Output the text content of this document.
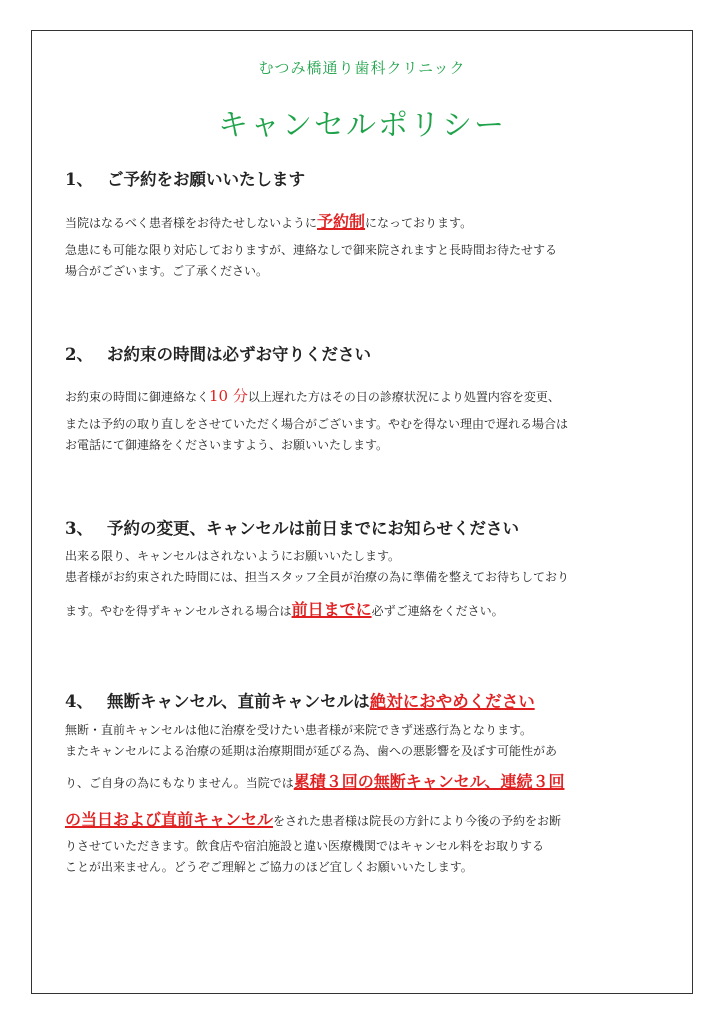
むつみ橋通り歯科クリニック
キャンセルポリシー

1、 ご予約をお願いいたします

当院はなるべく患者様をお待たせしないように予約制になっております。

急患にも可能な限り対応しておりますが、連絡なしで御来院されますと長時間お待たせする

場合がございます。ご了承ください。

2、 お約束の時間は必ずお守りください

お約束の時間に御連絡なく10 分以上遅れた方はその日の診療状況により処置内容を変更、

または予約の取り直しをさせていただく場合がございます。やむを得ない理由で遅れる場合は

お電話にて御連絡をくださいますよう、お願いいたします。

3、 予約の変更、キャンセルは前日までにお知らせください

出来る限り、キャンセルはされないようにお願いいたします。

患者様がお約束された時間には、担当スタッフ全員が治療の為に準備を整えてお待ちしており

ます。やむを得ずキャンセルされる場合は前日までに必ずご連絡をください。

4、 無断キャンセル、直前キャンセルは絶対におやめください

無断・直前キャンセルは他に治療を受けたい患者様が来院できず迷惑行為となります。

またキャンセルによる治療の延期は治療期間が延びる為、歯への悪影響を及ぼす可能性があ

り、ご自身の為にもなりません。当院では累積３回の無断キャンセル、連続３回

の当日および直前キャンセルをされた患者様は院長の方針により今後の予約をお断

りさせていただきます。飲食店や宿泊施設と違い医療機関ではキャンセル料をお取りする

ことが出来ません。どうぞご理解とご協力のほど宜しくお願いいたします。
